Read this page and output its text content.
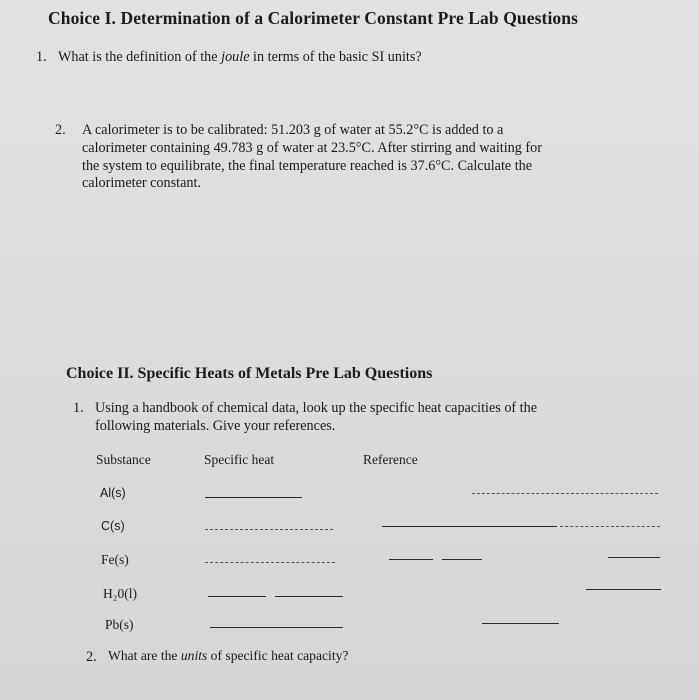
Choice I. Determination of a Calorimeter Constant Pre Lab Questions
1. What is the definition of the joule in terms of the basic SI units?
2. A calorimeter is to be calibrated: 51.203 g of water at 55.2°C is added to a
calorimeter containing 49.783 g of water at 23.5°C. After stirring and waiting for
the system to equilibrate, the final temperature reached is 37.6°C. Calculate the
calorimeter constant.
Choice II. Specific Heats of Metals Pre Lab Questions
1. Using a handbook of chemical data, look up the specific heat capacities of the
following materials. Give your references.
Substance	Specific heat	Reference
Al(s)
C(s)
Fe(s)
H₂0(l)
Pb(s)
2. What are the units of specific heat capacity?
